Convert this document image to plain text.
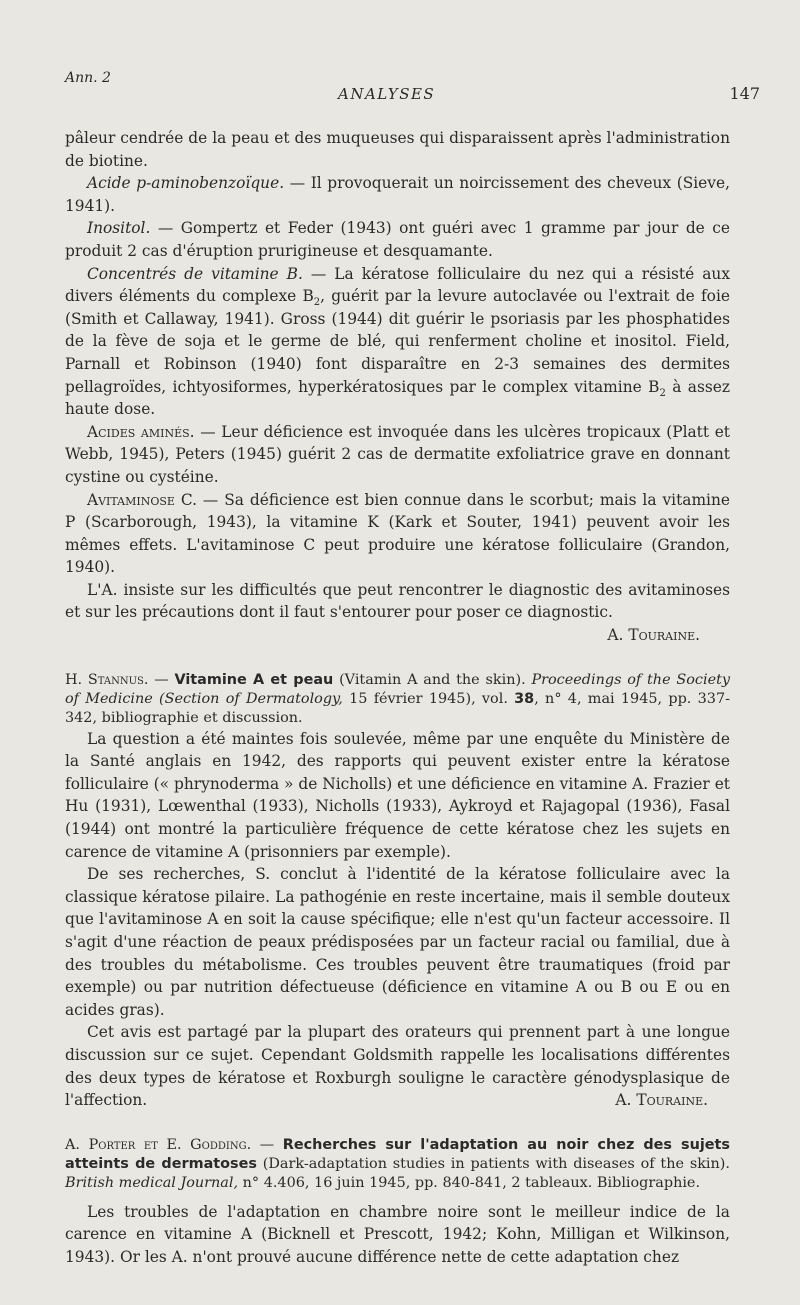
Ann. 2
ANALYSES	147

pâleur cendrée de la peau et des muqueuses qui disparaissent après l'administration de biotine.

Acide p-aminobenzoïque. — Il provoquerait un noircissement des cheveux (Sieve, 1941).

Inositol. — Gompertz et Feder (1943) ont guéri avec 1 gramme par jour de ce produit 2 cas d'éruption prurigineuse et desquamante.

Concentrés de vitamine B. — La kératose folliculaire du nez qui a résisté aux divers éléments du complexe $B_2$, guérit par la levure autoclavée ou l'extrait de foie (Smith et Callaway, 1941). Gross (1944) dit guérir le psoriasis par les phosphatides de la fève de soja et le germe de blé, qui renferment choline et inositol. Field, Parnall et Robinson (1940) font disparaître en 2-3 semaines des dermites pellagroïdes, ichtyosiformes, hyperkératosiques par le complex vitamine $B_2$ à assez haute dose.

Acides aminés. — Leur déficience est invoquée dans les ulcères tropicaux (Platt et Webb, 1945), Peters (1945) guérit 2 cas de dermatite exfoliatrice grave en donnant cystine ou cystéine.

Avitaminose C. — Sa déficience est bien connue dans le scorbut; mais la vitamine P (Scarborough, 1943), la vitamine K (Kark et Souter, 1941) peuvent avoir les mêmes effets. L'avitaminose C peut produire une kératose folliculaire (Grandon, 1940).

L'A. insiste sur les difficultés que peut rencontrer le diagnostic des avitaminoses et sur les précautions dont il faut s'entourer pour poser ce diagnostic.

A. Touraine.

H. Stannus. — Vitamine A et peau (Vitamin A and the skin). Proceedings of the Society of Medicine (Section of Dermatology, 15 février 1945), vol. 38, n° 4, mai 1945, pp. 337-342, bibliographie et discussion.

La question a été maintes fois soulevée, même par une enquête du Ministère de la Santé anglais en 1942, des rapports qui peuvent exister entre la kératose folliculaire (« phrynoderma » de Nicholls) et une déficience en vitamine A. Frazier et Hu (1931), Lœwenthal (1933), Nicholls (1933), Aykroyd et Rajagopal (1936), Fasal (1944) ont montré la particulière fréquence de cette kératose chez les sujets en carence de vitamine A (prisonniers par exemple).

De ses recherches, S. conclut à l'identité de la kératose folliculaire avec la classique kératose pilaire. La pathogénie en reste incertaine, mais il semble douteux que l'avitaminose A en soit la cause spécifique; elle n'est qu'un facteur accessoire. Il s'agit d'une réaction de peaux prédisposées par un facteur racial ou familial, due à des troubles du métabolisme. Ces troubles peuvent être traumatiques (froid par exemple) ou par nutrition défectueuse (déficience en vitamine A ou B ou E ou en acides gras).

Cet avis est partagé par la plupart des orateurs qui prennent part à une longue discussion sur ce sujet. Cependant Goldsmith rappelle les localisations différentes des deux types de kératose et Roxburgh souligne le caractère génodysplasique de l'affection.	A. Touraine.

A. Porter et E. Godding. — Recherches sur l'adaptation au noir chez des sujets atteints de dermatoses (Dark-adaptation studies in patients with diseases of the skin). British medical Journal, n° 4.406, 16 juin 1945, pp. 840-841, 2 tableaux. Bibliographie.

Les troubles de l'adaptation en chambre noire sont le meilleur indice de la carence en vitamine A (Bicknell et Prescott, 1942; Kohn, Milligan et Wilkinson, 1943). Or les A. n'ont prouvé aucune différence nette de cette adaptation chez
